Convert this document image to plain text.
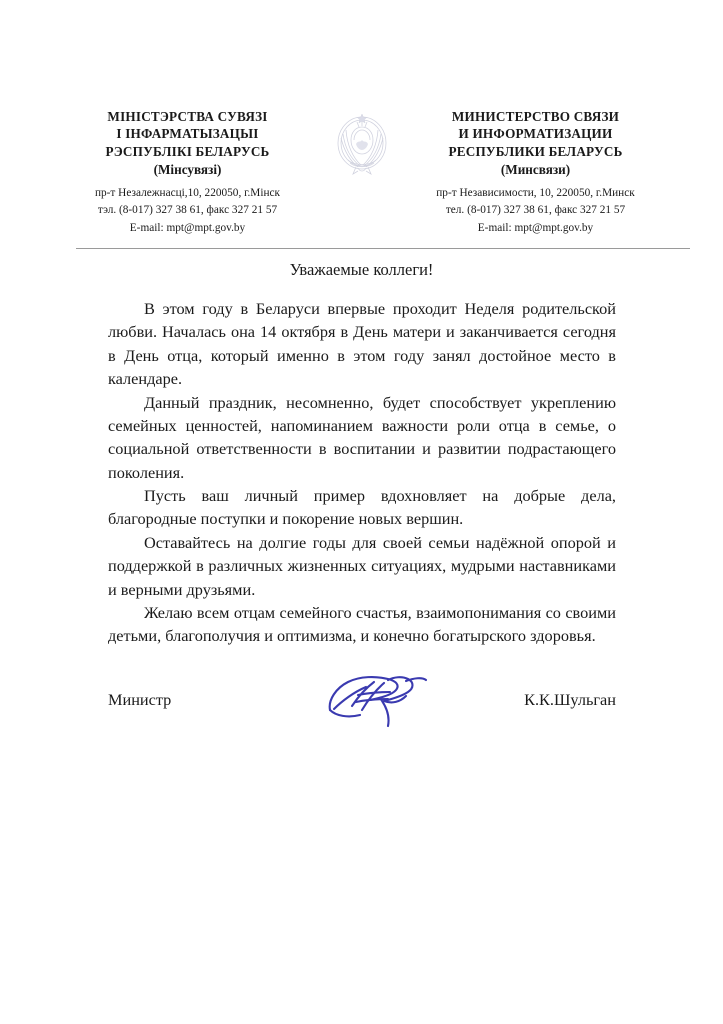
МІНІСТЭРСТВА СУВЯЗІ
І ІНФАРМАТЫЗАЦЫІ
РЭСПУБЛІКІ БЕЛАРУСЬ
(Мінсувязі)
пр-т Незалежнасці,10, 220050, г.Мінск
тэл. (8-017) 327 38 61, факс 327 21 57
E-mail: mpt@mpt.gov.by
МИНИСТЕРСТВО СВЯЗИ
И ИНФОРМАТИЗАЦИИ
РЕСПУБЛИКИ БЕЛАРУСЬ
(Минсвязи)
пр-т Независимости, 10, 220050, г.Минск
тел. (8-017) 327 38 61, факс 327 21 57
E-mail: mpt@mpt.gov.by
Уважаемые коллеги!

В этом году в Беларуси впервые проходит Неделя родительской любви. Началась она 14 октября в День матери и заканчивается сегодня в День отца, который именно в этом году занял достойное место в календаре.

Данный праздник, несомненно, будет способствует укреплению семейных ценностей, напоминанием важности роли отца в семье, о социальной ответственности в воспитании и развитии подрастающего поколения.

Пусть ваш личный пример вдохновляет на добрые дела, благородные поступки и покорение новых вершин.

Оставайтесь на долгие годы для своей семьи надёжной опорой и поддержкой в различных жизненных ситуациях, мудрыми наставниками и верными друзьями.

Желаю всем отцам семейного счастья, взаимопонимания со своими детьми, благополучия и оптимизма, и конечно богатырского здоровья.

Министр	К.К.Шульган
